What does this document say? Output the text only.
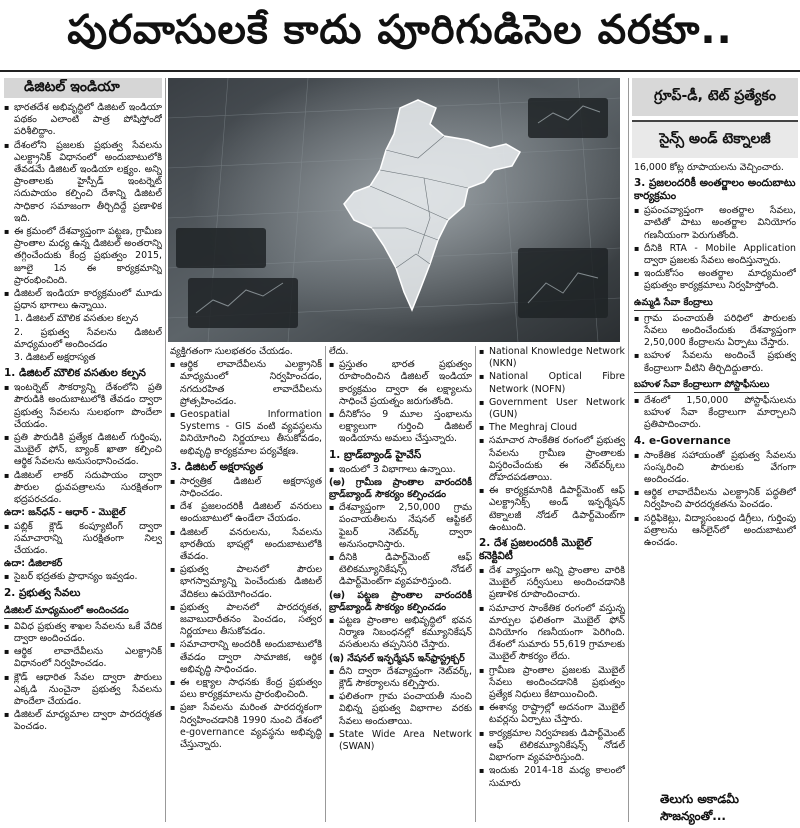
పురవాసులకే కాదు పూరిగుడిసెల వరకూ..
డిజిటల్‌ ఇండియా

▪ భారతదేశ అభివృద్ధిలో డిజిటల్ ఇండియా పథకం ఎలాంటి పాత్ర పోషిస్తోందో పరిశీలిద్దాం.

▪ దేశంలోని ప్రజలకు ప్రభుత్వ సేవలను ఎలక్ట్రానిక్ విధానంలో అందుబాటులోకి తేవడమే డిజిటల్ ఇండియా లక్ష్యం. అన్ని ప్రాంతాలకు హైస్పీడ్ ఇంటర్నెట్ సదుపాయం కల్పించి దేశాన్ని డిజిటల్ సాధికార సమాజంగా తీర్చిదిద్దే ప్రణాళిక ఇది.

▪ ఈ క్రమంలో దేశవ్యాప్తంగా పట్టణ, గ్రామీణ ప్రాంతాల మధ్య ఉన్న డిజిటల్ అంతరాన్ని తగ్గించేందుకు కేంద్ర ప్రభుత్వం 2015, జూలై 1న ఈ కార్యక్రమాన్ని ప్రారంభించింది.

▪ డిజిటల్ ఇండియా కార్యక్రమంలో మూడు ప్రధాన భాగాలు ఉన్నాయి.

1. డిజిటల్ మౌలిక వసతుల కల్పన

2. ప్రభుత్వ సేవలను డిజిటల్ మాధ్యమంలో అందించడం

3. డిజిటల్ అక్షరాస్యత

1. డిజిటల్ మౌలిక వసతుల కల్పన

▪ ఇంటర్నెట్ సౌకర్యాన్ని దేశంలోని ప్రతి పౌరుడికి అందుబాటులోకి తేవడం ద్వారా ప్రభుత్వ సేవలను సులభంగా పొందేలా చేయడం.

▪ ప్రతి పౌరుడికి ప్రత్యేక డిజిటల్ గుర్తింపు, మొబైల్ ఫోన్, బ్యాంక్ ఖాతా కల్పించి ఆర్థిక సేవలను అనుసంధానించడం.

▪ డిజిటల్ లాకర్ సదుపాయం ద్వారా పౌరుల ధ్రువపత్రాలను సురక్షితంగా భద్రపరచడం.

ఉదా: జన్‌ధన్ - ఆధార్ - మొబైల్

▪ పబ్లిక్ క్లౌడ్ కంప్యూటింగ్ ద్వారా సమాచారాన్ని సురక్షితంగా నిల్వ చేయడం.

ఉదా: డిజిలాకర్

▪ సైబర్ భద్రతకు ప్రాధాన్యం ఇవ్వడం.

2. ప్రభుత్వ సేవలు
డిజిటల్ మాధ్యమంలో అందించడం

▪ వివిధ ప్రభుత్వ శాఖల సేవలను ఒకే వేదిక ద్వారా అందించడం.

▪ ఆర్థిక లావాదేవీలను ఎలక్ట్రానిక్ విధానంలో నిర్వహించడం.

▪ క్లౌడ్ ఆధారిత సేవల ద్వారా పౌరులు ఎక్కడి నుంచైనా ప్రభుత్వ సేవలను పొందేలా చేయడం.

▪ డిజిటల్ మాధ్యమాల ద్వారా పారదర్శకత పెంచడం.

వ్యక్తిగతంగా సులభతరం చేయడం.

▪ ఆర్థిక లావాదేవీలను ఎలక్ట్రానిక్ మాధ్యమంలో నిర్వహించడం, నగదురహిత లావాదేవీలను ప్రోత్సహించడం.

▪ Geospatial Information Systems - GIS వంటి వ్యవస్థలను వినియోగించి నిర్ణయాలు తీసుకోవడం, అభివృద్ధి కార్యక్రమాల పర్యవేక్షణ.

3. డిజిటల్ అక్షరాస్యత

▪ సార్వత్రిక డిజిటల్ అక్షరాస్యత సాధించడం.

▪ దేశ ప్రజలందరికీ డిజిటల్ వనరులు అందుబాటులో ఉండేలా చేయడం.

▪ డిజిటల్ వనరులను, సేవలను భారతీయ భాషల్లో అందుబాటులోకి తేవడం.

▪ ప్రభుత్వ పాలనలో పౌరుల భాగస్వామ్యాన్ని పెంచేందుకు డిజిటల్ వేదికలు ఉపయోగించడం.

▪ ప్రభుత్వ పాలనలో పారదర్శకత, జవాబుదారీతనం పెంచడం, సత్వర నిర్ణయాలు తీసుకోవడం.

▪ సమాచారాన్ని అందరికీ అందుబాటులోకి తేవడం ద్వారా సామాజిక, ఆర్థిక అభివృద్ధి సాధించడం.

▪ ఈ లక్ష్యాల సాధనకు కేంద్ర ప్రభుత్వం పలు కార్యక్రమాలను ప్రారంభించింది.

▪ ప్రజా సేవలను మరింత పారదర్శకంగా నిర్వహించడానికి 1990 నుంచి దేశంలో e-governance వ్యవస్థను అభివృద్ధి చేస్తున్నారు.

లేదు.

▪ ప్రస్తుతం భారత ప్రభుత్వం రూపొందించిన డిజిటల్ ఇండియా కార్యక్రమం ద్వారా ఈ లక్ష్యాలను సాధించే ప్రయత్నం జరుగుతోంది.

▪ దీనికోసం 9 మూల స్తంభాలను లక్ష్యాలుగా గుర్తించి డిజిటల్ ఇండియాను అమలు చేస్తున్నారు.

1. బ్రాడ్‌బ్యాండ్ హైవేస్

▪ ఇందులో 3 విభాగాలు ఉన్నాయి.

(అ) గ్రామీణ ప్రాంతాల వారందరికీ బ్రాడ్‌బ్యాండ్ సౌకర్యం కల్పించడం

▪ దేశవ్యాప్తంగా 2,50,000 గ్రామ పంచాయతీలను నేషనల్ ఆప్టికల్ ఫైబర్ నెట్‌వర్క్ ద్వారా అనుసంధానిస్తారు.

▪ దీనికి డిపార్ట్‌మెంట్ ఆఫ్ టెలికమ్యూనికేషన్స్ నోడల్ డిపార్ట్‌మెంట్‌గా వ్యవహరిస్తుంది.

(ఆ) పట్టణ ప్రాంతాల వారందరికీ బ్రాడ్‌బ్యాండ్ సౌకర్యం కల్పించడం

▪ పట్టణ ప్రాంతాల అభివృద్ధిలో భవన నిర్మాణ నిబంధనల్లో కమ్యూనికేషన్ వసతులను తప్పనిసరి చేస్తారు.

(ఇ) నేషనల్ ఇన్ఫర్మేషన్ ఇన్‌ఫ్రాస్ట్రక్చర్

▪ దీని ద్వారా దేశవ్యాప్తంగా నెట్‌వర్క్, క్లౌడ్ సౌకర్యాలను కల్పిస్తారు.

▪ ఫలితంగా గ్రామ పంచాయతీ నుంచి విభిన్న ప్రభుత్వ విభాగాల వరకు సేవలు అందుతాయి.

▪ State Wide Area Network (SWAN)

▪ National Knowledge Network (NKN)

▪ National Optical Fibre Network (NOFN)

▪ Government User Network (GUN)

▪ The Meghraj Cloud

▪ సమాచార సాంకేతిక రంగంలో ప్రభుత్వ సేవలను గ్రామీణ ప్రాంతాలకు విస్తరించేందుకు ఈ నెట్‌వర్క్‌లు దోహదపడతాయి.

▪ ఈ కార్యక్రమానికి డిపార్ట్‌మెంట్ ఆఫ్ ఎలక్ట్రానిక్స్ అండ్ ఇన్ఫర్మేషన్ టెక్నాలజీ నోడల్ డిపార్ట్‌మెంట్‌గా ఉంటుంది.

2. దేశ ప్రజలందరికీ మొబైల్ కనెక్టివిటీ

▪ దేశ వ్యాప్తంగా అన్ని ప్రాంతాల వారికి మొబైల్ సర్వీసులు అందించడానికి ప్రణాళిక రూపొందించారు.

▪ సమాచార సాంకేతిక రంగంలో వస్తున్న మార్పుల ఫలితంగా మొబైల్ ఫోన్ వినియోగం గణనీయంగా పెరిగింది. దేశంలో సుమారు 55,619 గ్రామాలకు మొబైల్ సౌకర్యం లేదు.

▪ గ్రామీణ ప్రాంతాల ప్రజలకు మొబైల్ సేవలు అందించడానికి ప్రభుత్వం ప్రత్యేక నిధులు కేటాయించింది.

▪ ఈశాన్య రాష్ట్రాల్లో అదనంగా మొబైల్ టవర్లను ఏర్పాటు చేస్తారు.

▪ కార్యక్రమాల నిర్వహణకు డిపార్ట్‌మెంట్ ఆఫ్ టెలికమ్యూనికేషన్స్ నోడల్ విభాగంగా వ్యవహరిస్తుంది.

▪ ఇందుకు 2014-18 మధ్య కాలంలో సుమారు

గ్రూప్‌-డీ, టెట్‌ ప్రత్యేకం
సైన్స్‌ అండ్‌ టెక్నాలజీ

16,000 కోట్ల రూపాయలను వెచ్చించారు.

3. ప్రజలందరికీ అంతర్జాలం అందుబాటు కార్యక్రమం

▪ ప్రపంచవ్యాప్తంగా అంతర్జాల సేవలు, వాటితో పాటు అంతర్జాల వినియోగం గణనీయంగా పెరుగుతోంది.

▪ దీనికి RTA - Mobile Application ద్వారా ప్రజలకు సేవలు అందిస్తున్నారు.

▪ ఇందుకోసం అంతర్జాల మాధ్యమంలో ప్రభుత్వం కార్యక్రమాలు నిర్వహిస్తోంది.

ఉమ్మడి సేవా కేంద్రాలు

▪ గ్రామ పంచాయతీ పరిధిలో పౌరులకు సేవలు అందించేందుకు దేశవ్యాప్తంగా 2,50,000 కేంద్రాలను ఏర్పాటు చేస్తారు.

▪ బహుళ సేవలను అందించే ప్రభుత్వ కేంద్రాలుగా వీటిని తీర్చిదిద్దుతారు.

బహుళ సేవా కేంద్రాలుగా పోస్టాఫీసులు

▪ దేశంలో 1,50,000 పోస్టాఫీసులను బహుళ సేవా కేంద్రాలుగా మార్చాలని ప్రతిపాదించారు.

4. e-Governance

▪ సాంకేతిక సహాయంతో ప్రభుత్వ సేవలను సంస్కరించి పౌరులకు వేగంగా అందించడం.

▪ ఆర్థిక లావాదేవీలను ఎలక్ట్రానిక్ పద్ధతిలో నిర్వహించి పారదర్శకతను పెంచడం.

▪ సర్టిఫికెట్లు, విద్యాసంబంధ డిగ్రీలు, గుర్తింపు పత్రాలను ఆన్‌లైన్‌లో అందుబాటులో ఉంచడం.

తెలుగు అకాడమీ సౌజన్యంతో...
